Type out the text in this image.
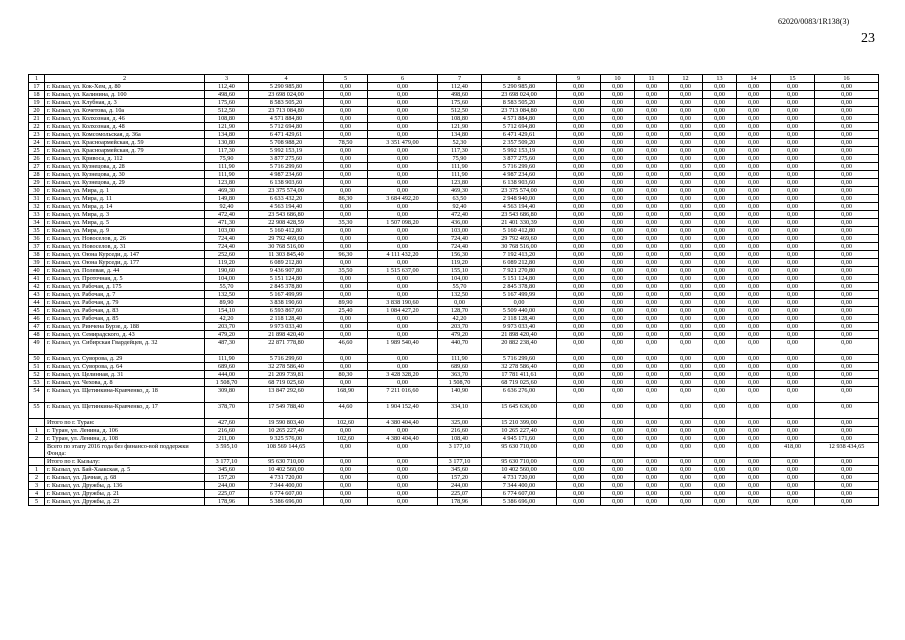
62020/0083/1R138(3)
23
1	2	3	4	5	6	7	8	9	10	11	12	13	14	15	16
17	г. Кызыл, ул. Кок-Хем, д. 80	112,40	5 290 985,80	0,00	0,00	112,40	5 290 985,80	0,00	0,00	0,00	0,00	0,00	0,00	0,00	0,00
18	г. Кызыл, ул. Калинина, д. 100	498,60	23 698 024,00	0,00	0,00	498,60	23 698 024,00	0,00	0,00	0,00	0,00	0,00	0,00	0,00	0,00
19	г. Кызыл, ул. Клубная, д. 3	175,60	8 583 505,20	0,00	0,00	175,60	8 583 505,20	0,00	0,00	0,00	0,00	0,00	0,00	0,00	0,00
20	г. Кызыл, ул. Кочетова, д. 10а	512,50	23 713 084,80	0,00	0,00	512,50	23 713 084,80	0,00	0,00	0,00	0,00	0,00	0,00	0,00	0,00
21	г. Кызыл, ул. Колхозная, д. 46	108,80	4 571 884,80	0,00	0,00	108,80	4 571 884,80	0,00	0,00	0,00	0,00	0,00	0,00	0,00	0,00
22	г. Кызыл, ул. Колхозная, д. 48	121,90	5 712 694,80	0,00	0,00	121,90	5 712 694,80	0,00	0,00	0,00	0,00	0,00	0,00	0,00	0,00
23	г. Кызыл, ул. Комсомольская, д. 36а	134,80	6 471 429,61	0,00	0,00	134,80	6 471 429,61	0,00	0,00	0,00	0,00	0,00	0,00	0,00	0,00
24	г. Кызыл, ул. Красноармейская, д. 59	130,80	5 708 988,20	78,50	3 351 479,00	52,30	2 357 509,20	0,00	0,00	0,00	0,00	0,00	0,00	0,00	0,00
25	г. Кызыл, ул. Красноармейская, д. 79	117,30	5 992 153,19	0,00	0,00	117,30	5 992 153,19	0,00	0,00	0,00	0,00	0,00	0,00	0,00	0,00
26	г. Кызыл, ул. Кривоса, д. 112	75,90	3 877 275,60	0,00	0,00	75,90	3 877 275,60	0,00	0,00	0,00	0,00	0,00	0,00	0,00	0,00
27	г. Кызыл, ул. Кузнецова, д. 28	111,90	5 716 299,60	0,00	0,00	111,90	5 716 299,60	0,00	0,00	0,00	0,00	0,00	0,00	0,00	0,00
28	г. Кызыл, ул. Кузнецова, д. 30	111,90	4 987 234,60	0,00	0,00	111,90	4 987 234,60	0,00	0,00	0,00	0,00	0,00	0,00	0,00	0,00
29	г. Кызыл, ул. Кузнецова, д. 29	123,80	6 138 903,60	0,00	0,00	123,80	6 138 903,60	0,00	0,00	0,00	0,00	0,00	0,00	0,00	0,00
30	г. Кызыл, ул. Мира, д. 1	469,30	23 375 574,00	0,00	0,00	469,30	23 375 574,00	0,00	0,00	0,00	0,00	0,00	0,00	0,00	0,00
31	г. Кызыл, ул. Мира, д. 11	149,80	6 633 432,20	86,30	3 684 492,20	63,50	2 948 940,00	0,00	0,00	0,00	0,00	0,00	0,00	0,00	0,00
32	г. Кызыл, ул. Мира, д. 14	92,40	4 563 194,40	0,00	0,00	92,40	4 563 194,40	0,00	0,00	0,00	0,00	0,00	0,00	0,00	0,00
33	г. Кызыл, ул. Мира, д. 3	472,40	23 543 686,80	0,00	0,00	472,40	23 543 686,80	0,00	0,00	0,00	0,00	0,00	0,00	0,00	0,00
34	г. Кызыл, ул. Мира, д. 5	471,30	22 908 428,59	35,30	1 507 098,20	436,00	21 401 330,39	0,00	0,00	0,00	0,00	0,00	0,00	0,00	0,00
35	г. Кызыл, ул. Мира, д. 9	103,00	5 160 412,80	0,00	0,00	103,00	5 160 412,80	0,00	0,00	0,00	0,00	0,00	0,00	0,00	0,00
36	г. Кызыл, ул. Новоселов, д. 26	724,40	29 792 469,60	0,00	0,00	724,40	29 792 469,60	0,00	0,00	0,00	0,00	0,00	0,00	0,00	0,00
37	г. Кызыл, ул. Новоселов, д. 31	724,40	30 768 516,00	0,00	0,00	724,40	30 768 516,00	0,00	0,00	0,00	0,00	0,00	0,00	0,00	0,00
38	г. Кызыл, ул. Оюна Курседи, д. 147	252,60	11 303 845,40	96,30	4 111 432,20	156,30	7 192 413,20	0,00	0,00	0,00	0,00	0,00	0,00	0,00	0,00
39	г. Кызыл, ул. Оюна Курседи, д. 177	119,20	6 089 212,80	0,00	0,00	119,20	6 089 212,80	0,00	0,00	0,00	0,00	0,00	0,00	0,00	0,00
40	г. Кызыл, ул. Полевая, д. 44	190,60	9 436 907,80	35,50	1 515 637,00	155,10	7 921 270,80	0,00	0,00	0,00	0,00	0,00	0,00	0,00	0,00
41	г. Кызыл, ул. Проточная, д. 5	104,00	5 151 124,80	0,00	0,00	104,00	5 151 124,80	0,00	0,00	0,00	0,00	0,00	0,00	0,00	0,00
42	г. Кызыл, ул. Рабочая, д. 175	55,70	2 845 378,80	0,00	0,00	55,70	2 845 378,80	0,00	0,00	0,00	0,00	0,00	0,00	0,00	0,00
43	г. Кызыл, ул. Рабочая, д. 7	132,50	5 167 499,99	0,00	0,00	132,50	5 167 499,99	0,00	0,00	0,00	0,00	0,00	0,00	0,00	0,00
44	г. Кызыл, ул. Рабочая, д. 79	89,90	3 838 190,60	89,90	3 838 190,60	0,00	0,00	0,00	0,00	0,00	0,00	0,00	0,00	0,00	0,00
45	г. Кызыл, ул. Рабочая, д. 83	154,10	6 593 867,60	25,40	1 084 427,20	128,70	5 509 440,00	0,00	0,00	0,00	0,00	0,00	0,00	0,00	0,00
46	г. Кызыл, ул. Рабочая, д. 85	42,20	2 118 128,40	0,00	0,00	42,20	2 118 128,40	0,00	0,00	0,00	0,00	0,00	0,00	0,00	0,00
47	г. Кызыл, ул. Ринчена Бурзе, д. 188	203,70	9 973 033,40	0,00	0,00	203,70	9 973 033,40	0,00	0,00	0,00	0,00	0,00	0,00	0,00	0,00
48	г. Кызыл, ул. Семирадского, д. 43	479,20	21 898 420,40	0,00	0,00	479,20	21 898 420,40	0,00	0,00	0,00	0,00	0,00	0,00	0,00	0,00
49	г. Кызыл, ул. Сибирская Гвардейцев, д. 32	487,30	22 871 778,80	46,60	1 989 540,40	440,70	20 882 238,40	0,00	0,00	0,00	0,00	0,00	0,00	0,00	0,00
50	г. Кызыл, ул. Суворова, д. 29	111,90	5 716 299,60	0,00	0,00	111,90	5 716 299,60	0,00	0,00	0,00	0,00	0,00	0,00	0,00	0,00
51	г. Кызыл, ул. Суворова, д. 64	689,60	32 278 586,40	0,00	0,00	689,60	32 278 586,40	0,00	0,00	0,00	0,00	0,00	0,00	0,00	0,00
52	г. Кызыл, ул. Целинная, д. 31	444,00	21 209 739,81	80,30	3 428 328,20	363,70	17 781 411,61	0,00	0,00	0,00	0,00	0,00	0,00	0,00	0,00
53	г. Кызыл, ул. Чехова, д. 8	1 508,70	68 719 025,60	0,00	0,00	1 508,70	68 719 025,60	0,00	0,00	0,00	0,00	0,00	0,00	0,00	0,00
54	г. Кызыл, ул. Щетинкина-Кравченко, д. 18	309,80	13 847 292,60	168,90	7 211 016,60	140,90	6 636 276,00	0,00	0,00	0,00	0,00	0,00	0,00	0,00	0,00
55	г. Кызыл, ул. Щетинкина-Кравченко, д. 17	378,70	17 549 788,40	44,60	1 904 152,40	334,10	15 645 636,00	0,00	0,00	0,00	0,00	0,00	0,00	0,00	0,00
	Итого по г. Туран:	427,60	19 590 803,40	102,60	4 380 404,40	325,00	15 210 399,00	0,00	0,00	0,00	0,00	0,00	0,00	0,00	0,00
1	г. Туран, ул. Ленина, д. 106	216,60	10 265 227,40	0,00	0,00	216,60	10 265 227,40	0,00	0,00	0,00	0,00	0,00	0,00	0,00	0,00
2	г. Туран, ул. Ленина, д. 108	211,00	9 325 576,00	102,60	4 380 404,40	108,40	4 945 171,60	0,00	0,00	0,00	0,00	0,00	0,00	0,00	0,00
	Всего по этапу 2016 года без финансо-вой поддержки Фонда:	3 595,10	108 569 144,65	0,00	0,00	3 177,10	95 630 710,00	0,00	0,00	0,00	0,00	0,00	0,00	418,00	12 938 434,65
	Итого по г. Кызылу:	3 177,10	95 630 710,00	0,00	0,00	3 177,10	95 630 710,00	0,00	0,00	0,00	0,00	0,00	0,00	0,00	0,00
1	г. Кызыл, ул. Бай-Хаакская, д. 5	345,60	10 402 560,00	0,00	0,00	345,60	10 402 560,00	0,00	0,00	0,00	0,00	0,00	0,00	0,00	0,00
2	г. Кызыл, ул. Дачная, д. 68	157,20	4 731 720,00	0,00	0,00	157,20	4 731 720,00	0,00	0,00	0,00	0,00	0,00	0,00	0,00	0,00
3	г. Кызыл, ул. Дружбы, д. 136	244,00	7 344 400,00	0,00	0,00	244,00	7 344 400,00	0,00	0,00	0,00	0,00	0,00	0,00	0,00	0,00
4	г. Кызыл, ул. Дружбы, д. 21	225,07	6 774 607,00	0,00	0,00	225,07	6 774 607,00	0,00	0,00	0,00	0,00	0,00	0,00	0,00	0,00
5	г. Кызыл, ул. Дружбы, д. 23	178,96	5 386 696,00	0,00	0,00	178,96	5 386 696,00	0,00	0,00	0,00	0,00	0,00	0,00	0,00	0,00
